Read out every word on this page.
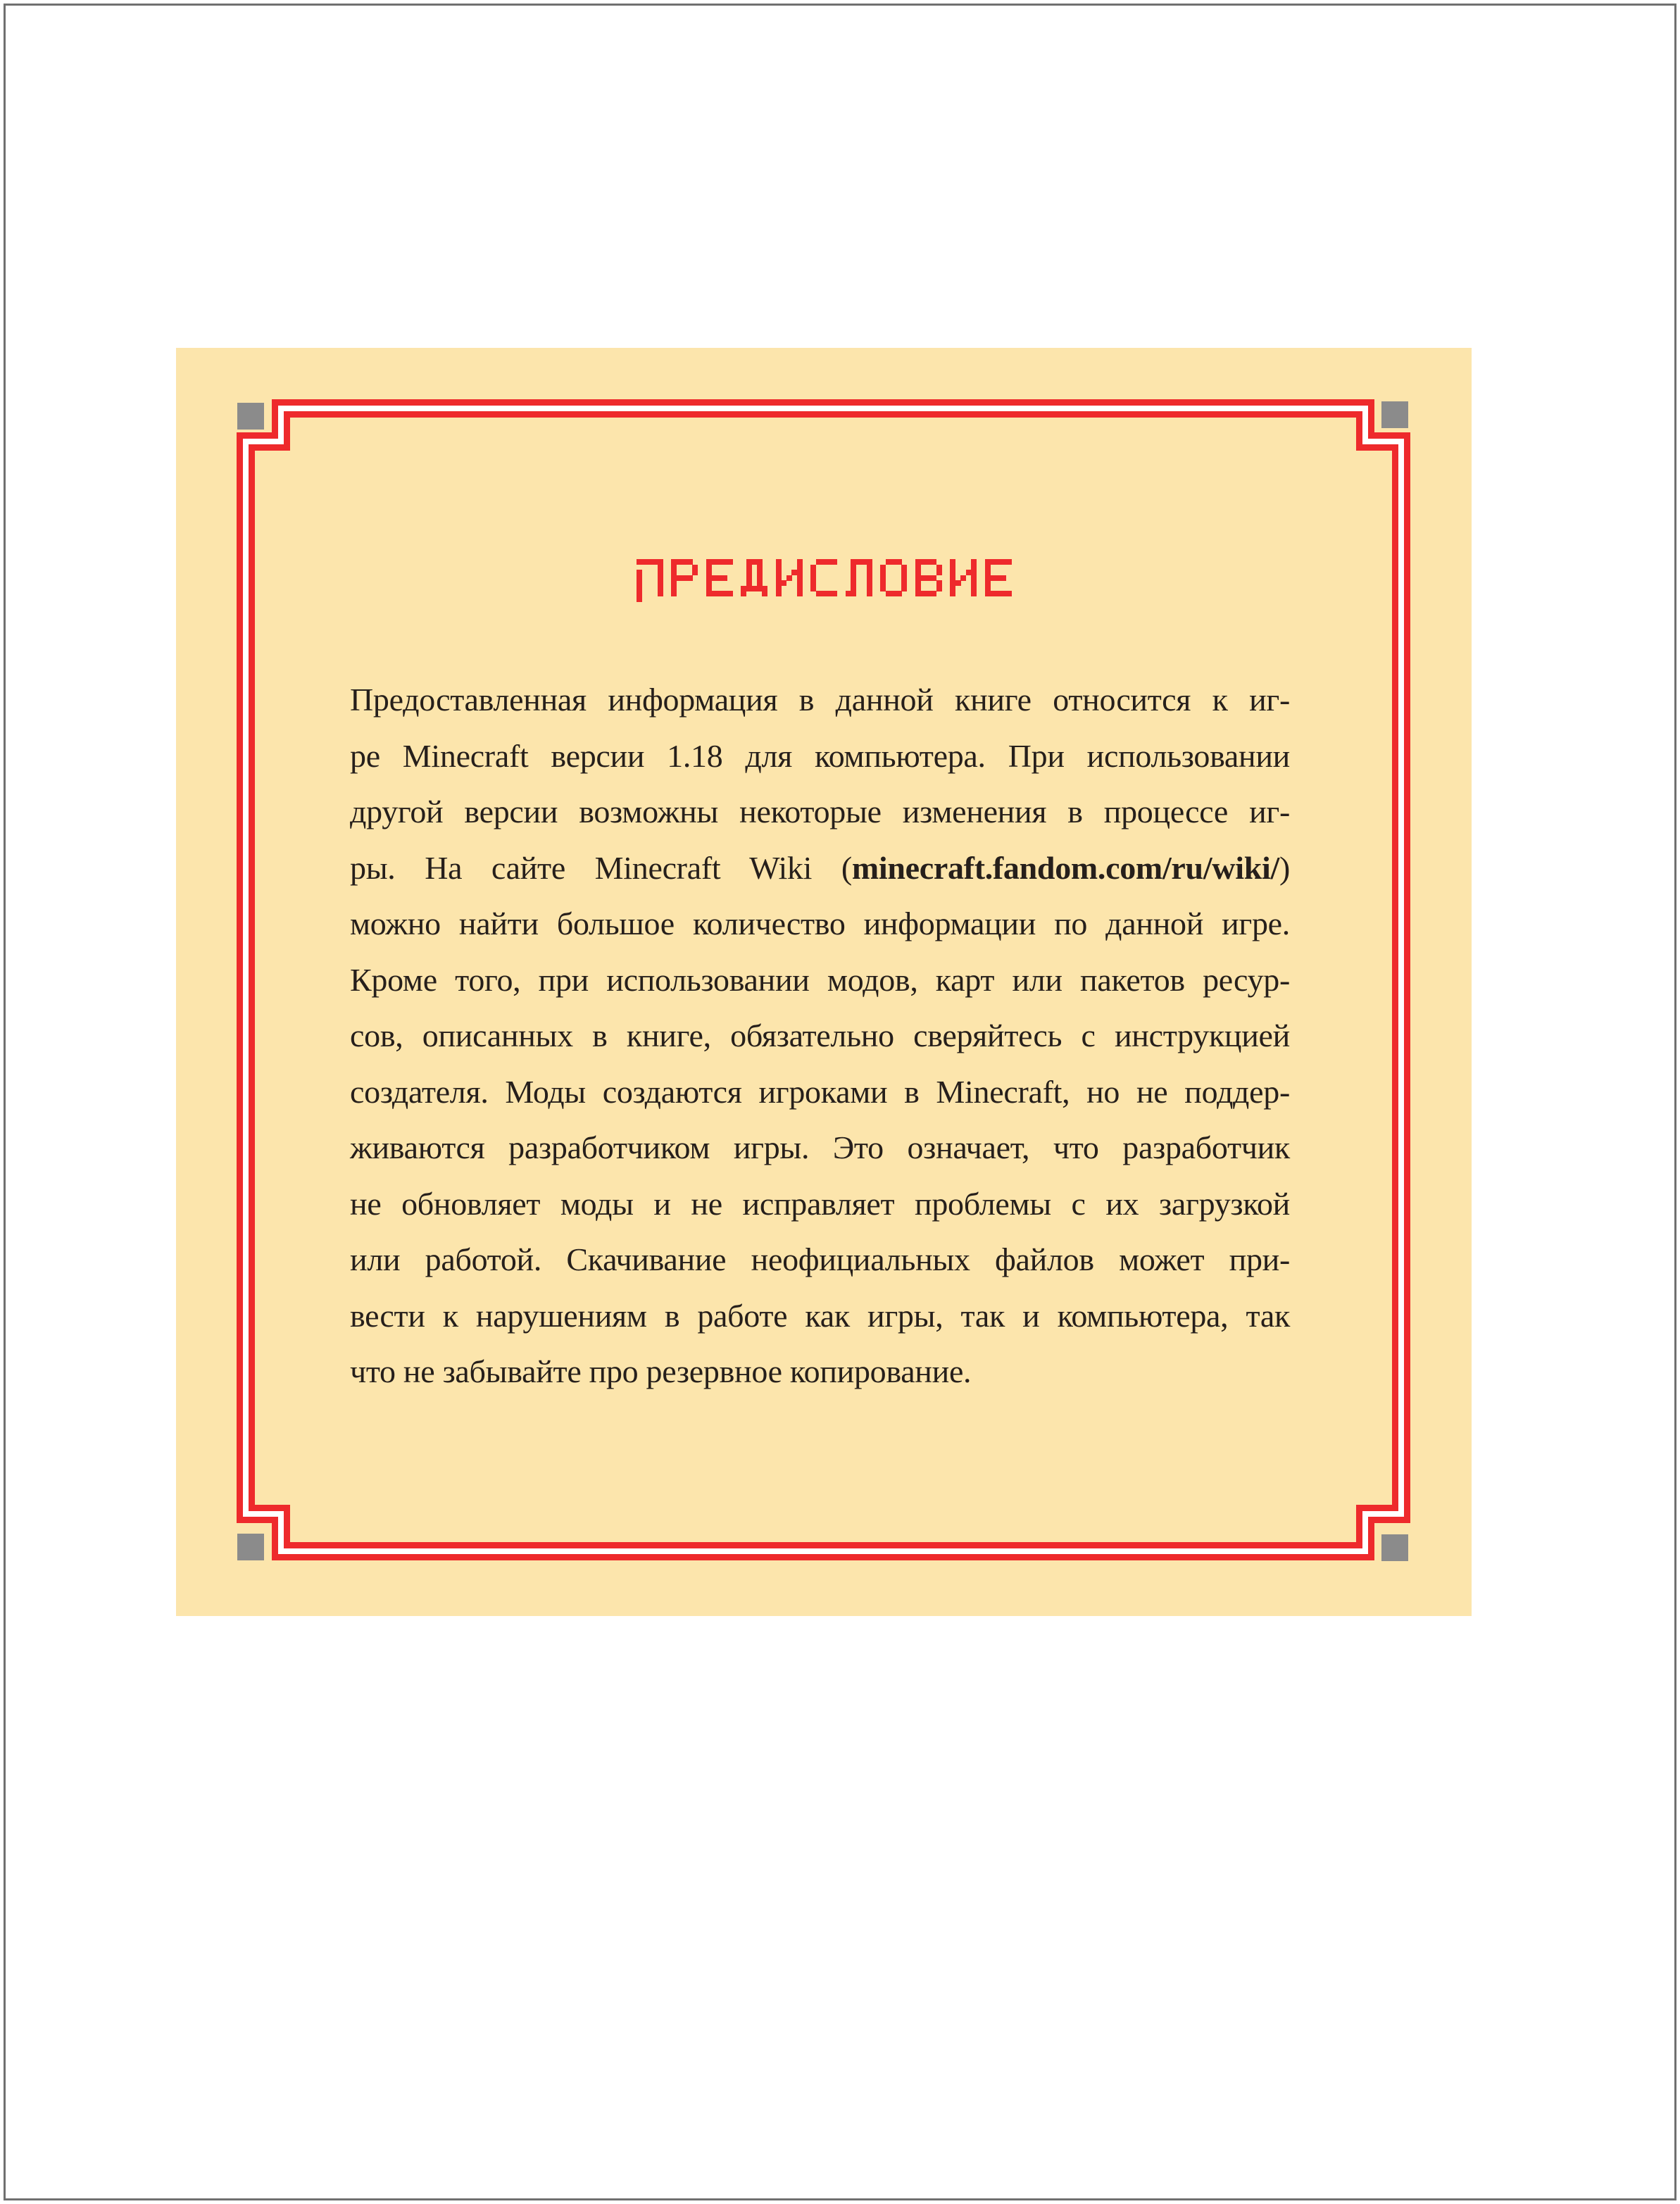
Предоставленная информация в данной книге относится к иг-
ре Minecraft версии 1.18 для компьютера. При использовании
другой версии возможны некоторые изменения в процессе иг-
ры. На сайте Minecraft Wiki (minecraft.fandom.com/ru/wiki/)
можно найти большое количество информации по данной игре.
Кроме того, при использовании модов, карт или пакетов ресур-
сов, описанных в книге, обязательно сверяйтесь с инструкцией
создателя. Моды создаются игроками в Minecraft, но не поддер-
живаются разработчиком игры. Это означает, что разработчик
не обновляет моды и не исправляет проблемы с их загрузкой
или работой. Скачивание неофициальных файлов может при-
вести к нарушениям в работе как игры, так и компьютера, так
что не забывайте про резервное копирование.
